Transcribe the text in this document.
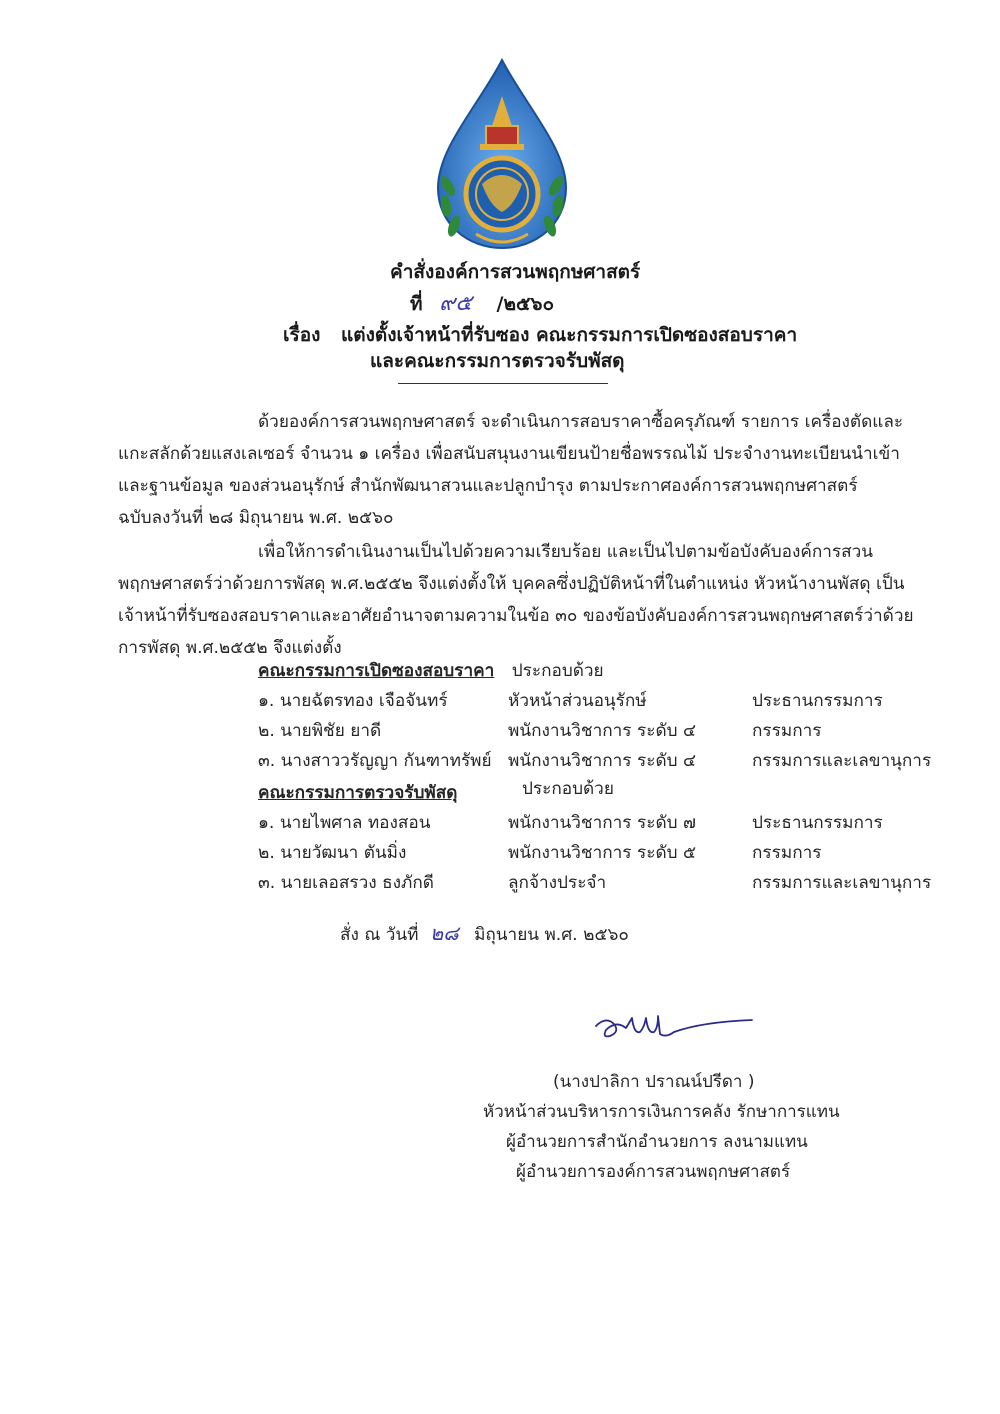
คำสั่งองค์การสวนพฤกษศาสตร์
ที่ ๙๕ /๒๕๖๐
เรื่อง แต่งตั้งเจ้าหน้าที่รับซอง คณะกรรมการเปิดซองสอบราคา
และคณะกรรมการตรวจรับพัสดุ
ด้วยองค์การสวนพฤกษศาสตร์ จะดำเนินการสอบราคาซื้อครุภัณฑ์ รายการ เครื่องตัดและ
แกะสลักด้วยแสงเลเซอร์ จำนวน ๑ เครื่อง เพื่อสนับสนุนงานเขียนป้ายชื่อพรรณไม้ ประจำงานทะเบียนนำเข้า
และฐานข้อมูล ของส่วนอนุรักษ์ สำนักพัฒนาสวนและปลูกบำรุง ตามประกาศองค์การสวนพฤกษศาสตร์
ฉบับลงวันที่ ๒๘ มิถุนายน พ.ศ. ๒๕๖๐
เพื่อให้การดำเนินงานเป็นไปด้วยความเรียบร้อย และเป็นไปตามข้อบังคับองค์การสวน
พฤกษศาสตร์ว่าด้วยการพัสดุ พ.ศ.๒๕๕๒ จึงแต่งตั้งให้ บุคคลซึ่งปฏิบัติหน้าที่ในตำแหน่ง หัวหน้างานพัสดุ เป็น
เจ้าหน้าที่รับซองสอบราคาและอาศัยอำนาจตามความในข้อ ๓๐ ของข้อบังคับองค์การสวนพฤกษศาสตร์ว่าด้วย
การพัสดุ พ.ศ.๒๕๕๒ จึงแต่งตั้ง
คณะกรรมการเปิดซองสอบราคา ประกอบด้วย
๑. นายฉัตรทอง เจือจันทร์	หัวหน้าส่วนอนุรักษ์	ประธานกรรมการ
๒. นายพิชัย ยาดี	พนักงานวิชาการ ระดับ ๔	กรรมการ
๓. นางสาววรัญญา กันฑาทรัพย์ พนักงานวิชาการ ระดับ ๔	กรรมการและเลขานุการ
คณะกรรมการตรวจรับพัสดุ	ประกอบด้วย
๑. นายไพศาล ทองสอน	พนักงานวิชาการ ระดับ ๗	ประธานกรรมการ
๒. นายวัฒนา ตันมิ่ง	พนักงานวิชาการ ระดับ ๕	กรรมการ
๓. นายเลอสรวง ธงภักดี	ลูกจ้างประจำ	กรรมการและเลขานุการ
สั่ง ณ วันที่ ๒๘ มิถุนายน พ.ศ. ๒๕๖๐
(นางปาลิกา ปราณน์ปรีดา )
หัวหน้าส่วนบริหารการเงินการคลัง รักษาการแทน
ผู้อำนวยการสำนักอำนวยการ ลงนามแทน
ผู้อำนวยการองค์การสวนพฤกษศาสตร์
